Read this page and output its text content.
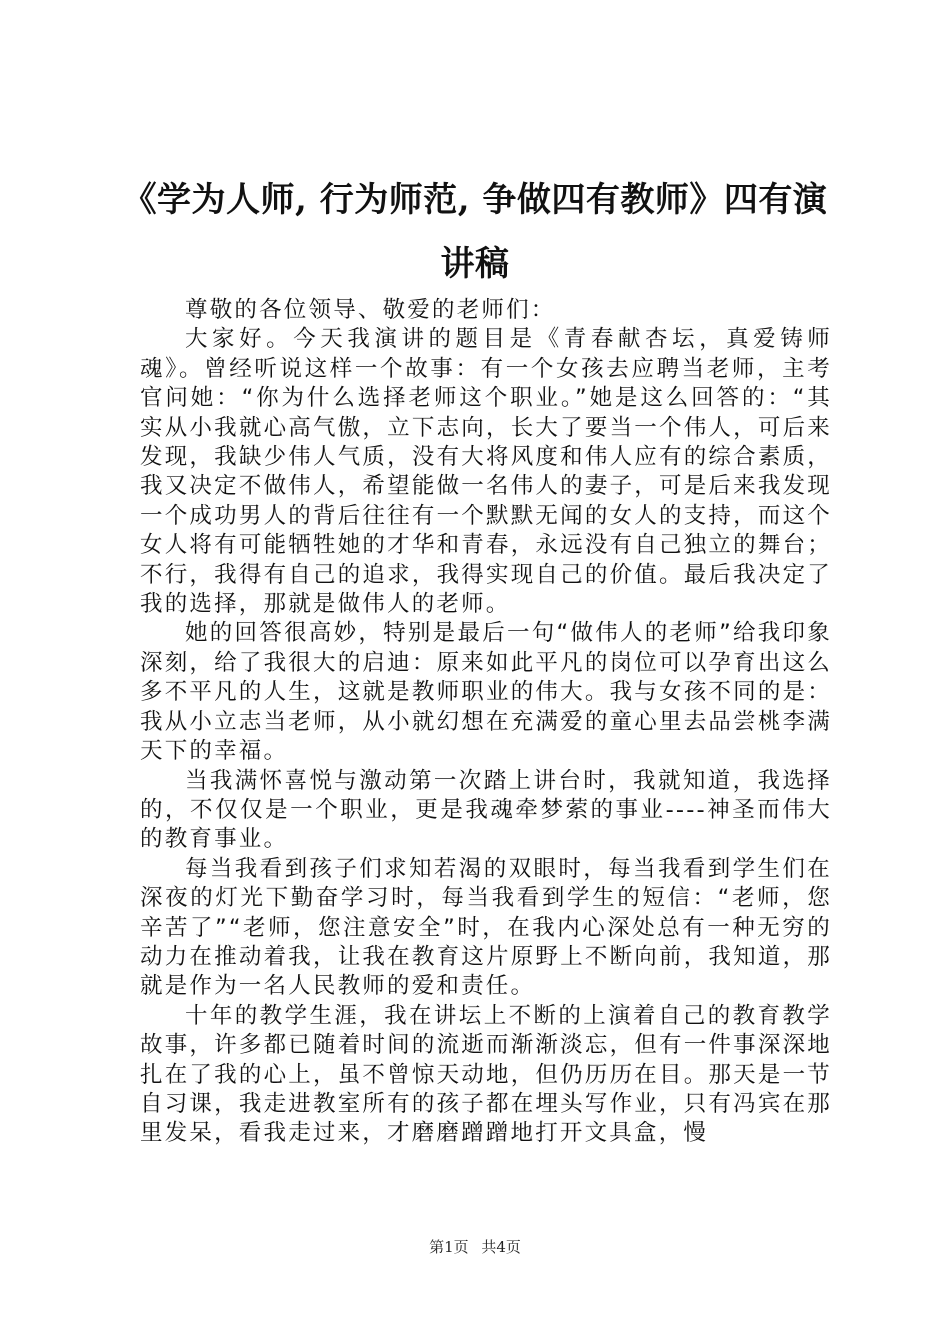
《学为人师, 行为师范, 争做四有教师》四有演
讲稿

尊敬的各位领导、敬爱的老师们：

大家好。今天我演讲的题目是《青春献杏坛，真爱铸师魂》。曾经听说这样一个故事：有一个女孩去应聘当老师，主考官问她：“你为什么选择老师这个职业。”她是这么回答的：“其实从小我就心高气傲，立下志向，长大了要当一个伟人，可后来发现，我缺少伟人气质，没有大将风度和伟人应有的综合素质，我又决定不做伟人，希望能做一名伟人的妻子，可是后来我发现一个成功男人的背后往往有一个默默无闻的女人的支持，而这个女人将有可能牺牲她的才华和青春，永远没有自己独立的舞台；不行，我得有自己的追求，我得实现自己的价值。最后我决定了我的选择，那就是做伟人的老师。

她的回答很高妙，特别是最后一句“做伟人的老师”给我印象深刻，给了我很大的启迪：原来如此平凡的岗位可以孕育出这么多不平凡的人生，这就是教师职业的伟大。我与女孩不同的是：我从小立志当老师，从小就幻想在充满爱的童心里去品尝桃李满天下的幸福。

当我满怀喜悦与激动第一次踏上讲台时，我就知道，我选择的，不仅仅是一个职业，更是我魂牵梦萦的事业----神圣而伟大的教育事业。

每当我看到孩子们求知若渴的双眼时，每当我看到学生们在深夜的灯光下勤奋学习时，每当我看到学生的短信：“老师，您辛苦了”“老师，您注意安全”时，在我内心深处总有一种无穷的动力在推动着我，让我在教育这片原野上不断向前，我知道，那就是作为一名人民教师的爱和责任。

十年的教学生涯，我在讲坛上不断的上演着自己的教育教学故事，许多都已随着时间的流逝而渐渐淡忘，但有一件事深深地扎在了我的心上，虽不曾惊天动地，但仍历历在目。那天是一节自习课，我走进教室所有的孩子都在埋头写作业，只有冯宾在那里发呆，看我走过来，才磨磨蹭蹭地打开文具盒，慢

第1页 共4页
